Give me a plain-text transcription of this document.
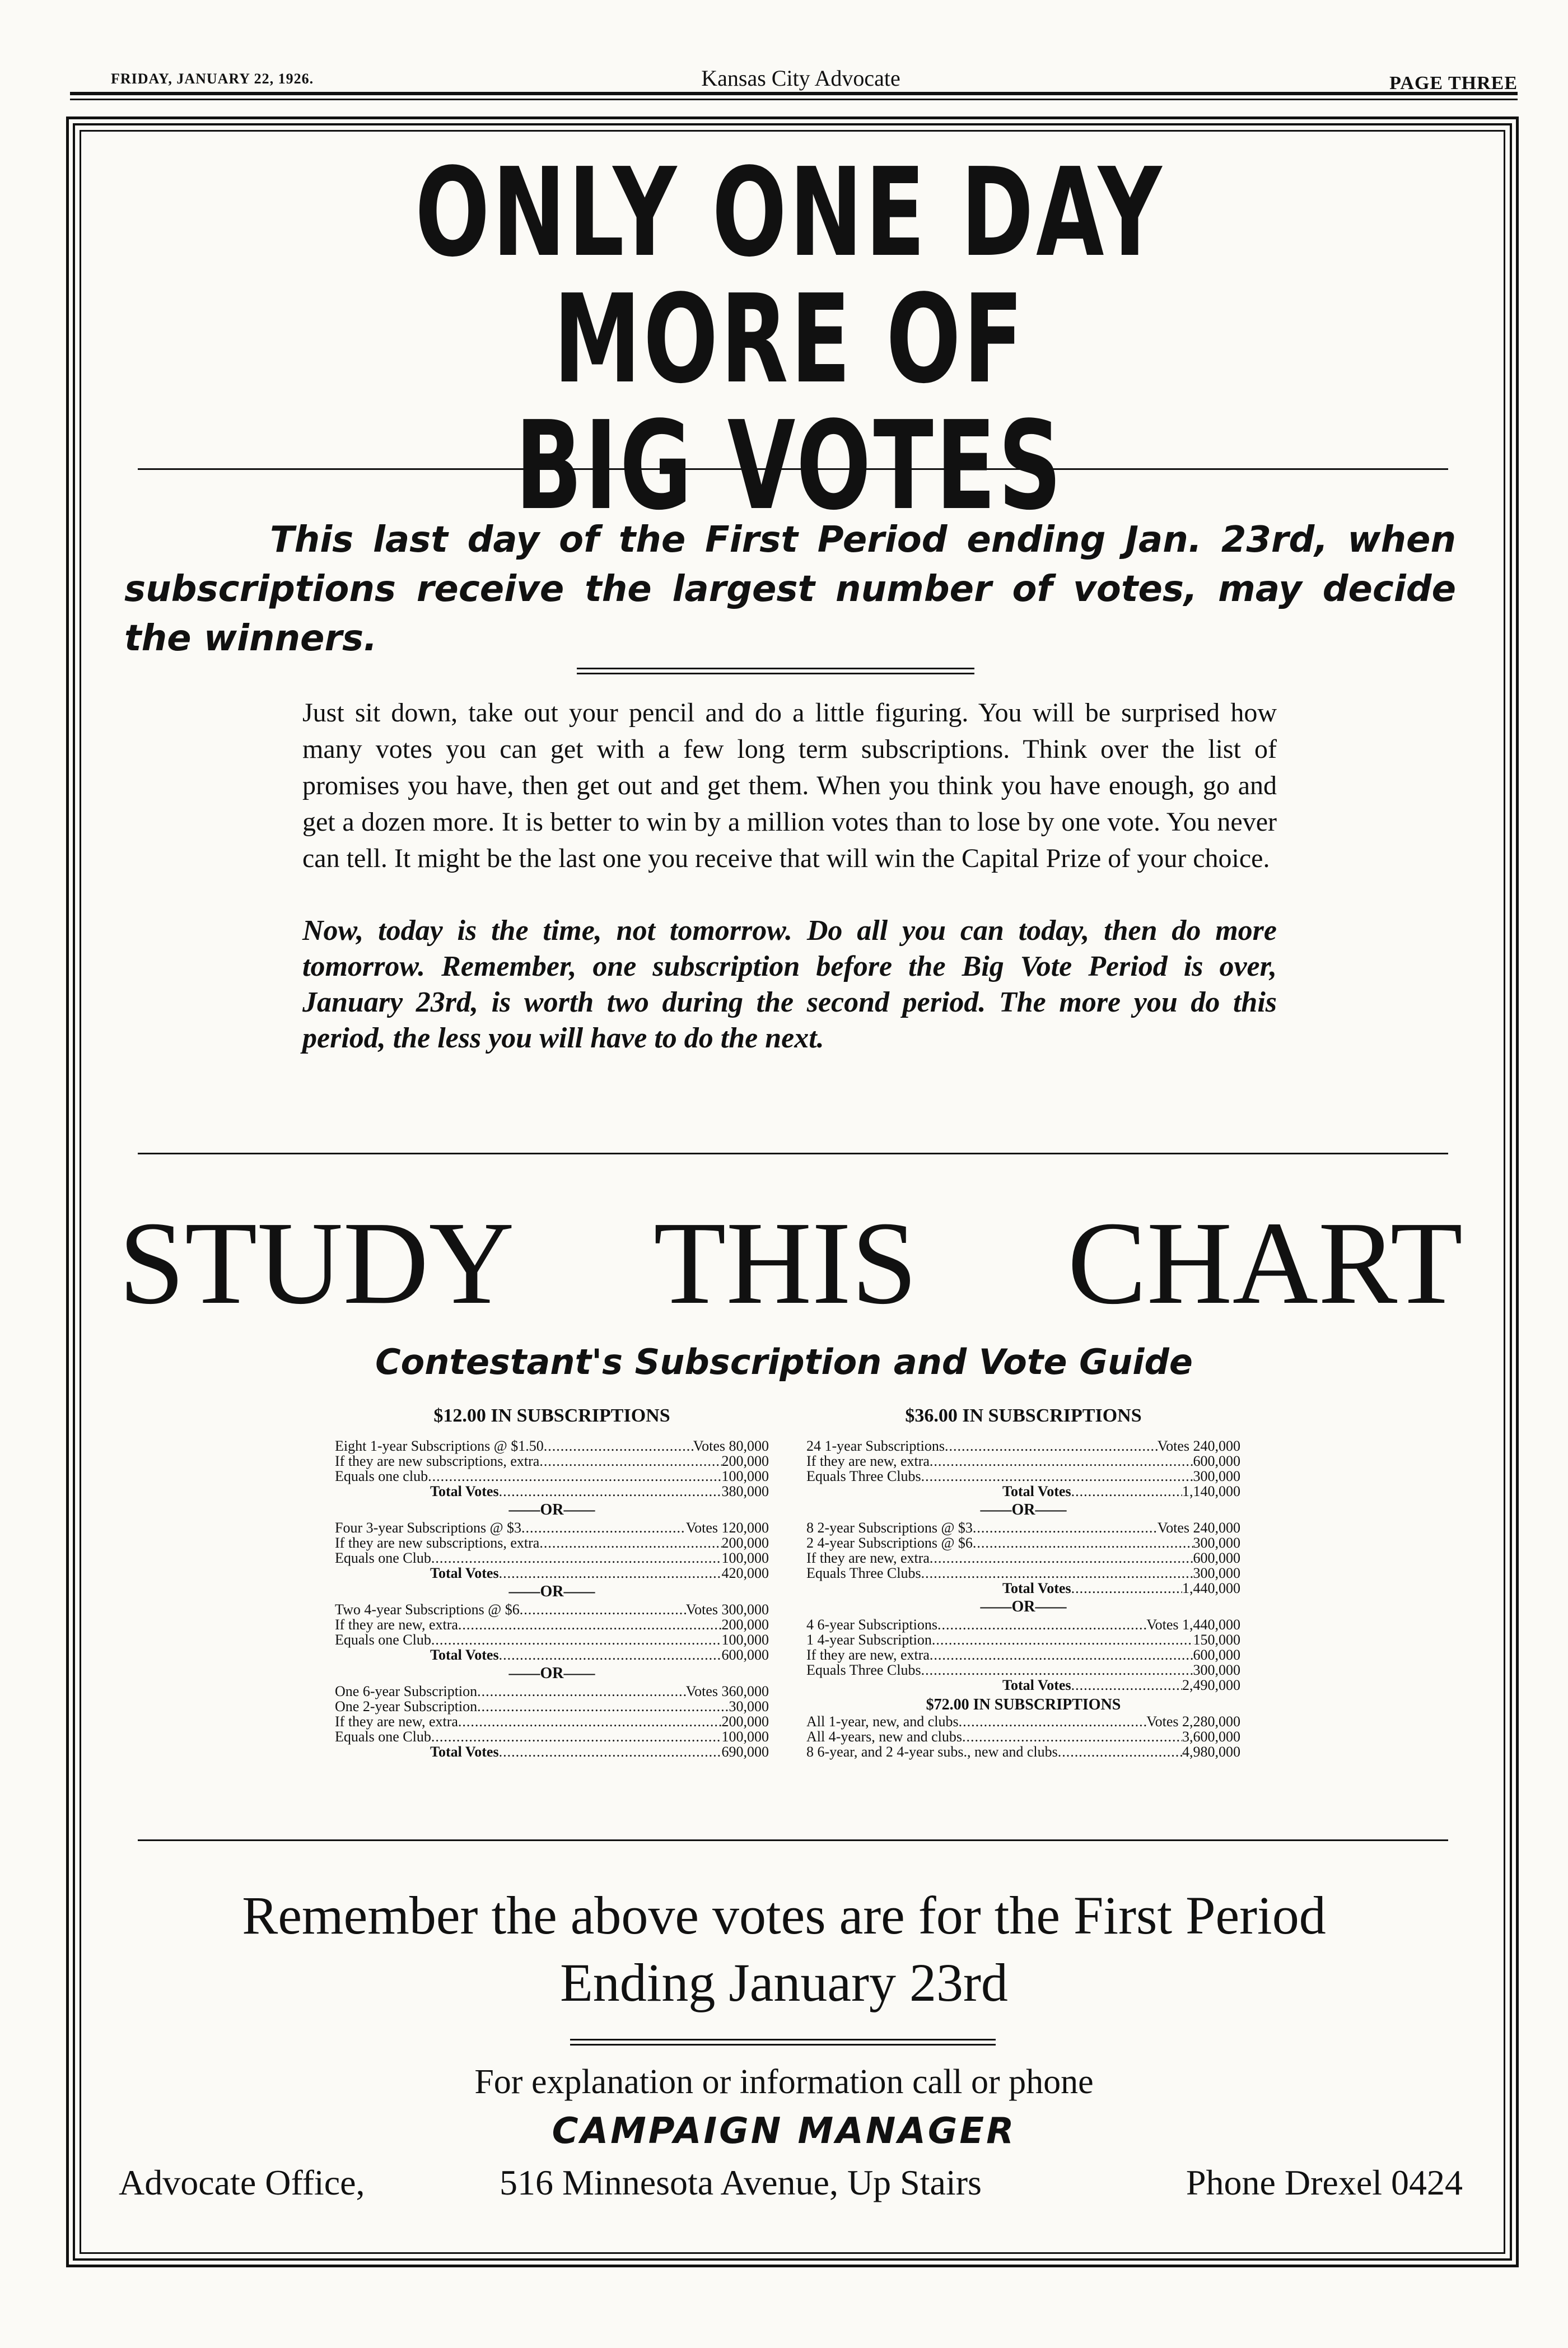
FRIDAY, JANUARY 22, 1926.	Kansas City Advocate	PAGE THREE
ONLY ONE DAY MORE OF
BIG VOTES
This last day of the First Period ending Jan. 23rd, when subscriptions receive the largest number of votes, may decide the winners.
Just sit down, take out your pencil and do a little figuring. You will be surprised how many votes you can get with a few long term subscriptions. Think over the list of promises you have, then get out and get them. When you think you have enough, go and get a dozen more. It is better to win by a million votes than to lose by one vote. You never can tell. It might be the last one you receive that will win the Capital Prize of your choice.
Now, today is the time, not tomorrow. Do all you can today, then do more tomorrow. Remember, one subscription before the Big Vote Period is over, January 23rd, is worth two during the second period. The more you do this period, the less you will have to do the next.
STUDY THIS CHART
Contestant's Subscription and Vote Guide
$12.00 IN SUBSCRIPTIONS
Eight 1-year Subscriptions @ $1.50 .....	Votes 80,000
If they are new subscriptions, extra .....	200,000
Equals one club .....	100,000
Total Votes .....	380,000
——OR——
Four 3-year Subscriptions @ $3 .....	Votes 120,000
If they are new subscriptions, extra .....	200,000
Equals one Club .....	100,000
Total Votes .....	420,000
——OR——
Two 4-year Subscriptions @ $6 .....	Votes 300,000
If they are new, extra .....	200,000
Equals one Club .....	100,000
Total Votes .....	600,000
——OR——
One 6-year Subscription .....	Votes 360,000
One 2-year Subscription .....	30,000
If they are new, extra .....	200,000
Equals one Club .....	100,000
Total Votes .....	690,000
$36.00 IN SUBSCRIPTIONS
24 1-year Subscriptions .....	Votes 240,000
If they are new, extra .....	600,000
Equals Three Clubs .....	300,000
Total Votes .....	1,140,000
——OR——
8 2-year Subscriptions @ $3 .....	Votes 240,000
2 4-year Subscriptions @ $6 .....	300,000
If they are new, extra .....	600,000
Equals Three Clubs .....	300,000
Total Votes .....	1,440,000
——OR——
4 6-year Subscriptions .....	Votes 1,440,000
1 4-year Subscription .....	150,000
If they are new, extra .....	600,000
Equals Three Clubs .....	300,000
Total Votes .....	2,490,000
$72.00 IN SUBSCRIPTIONS
All 1-year, new, and clubs .....	Votes 2,280,000
All 4-years, new and clubs .....	3,600,000
8 6-year, and 2 4-year subs., new and clubs .....	4,980,000
Remember the above votes are for the First Period
Ending January 23rd
For explanation or information call or phone
CAMPAIGN MANAGER
Advocate Office,	516 Minnesota Avenue, Up Stairs	Phone Drexel 0424
